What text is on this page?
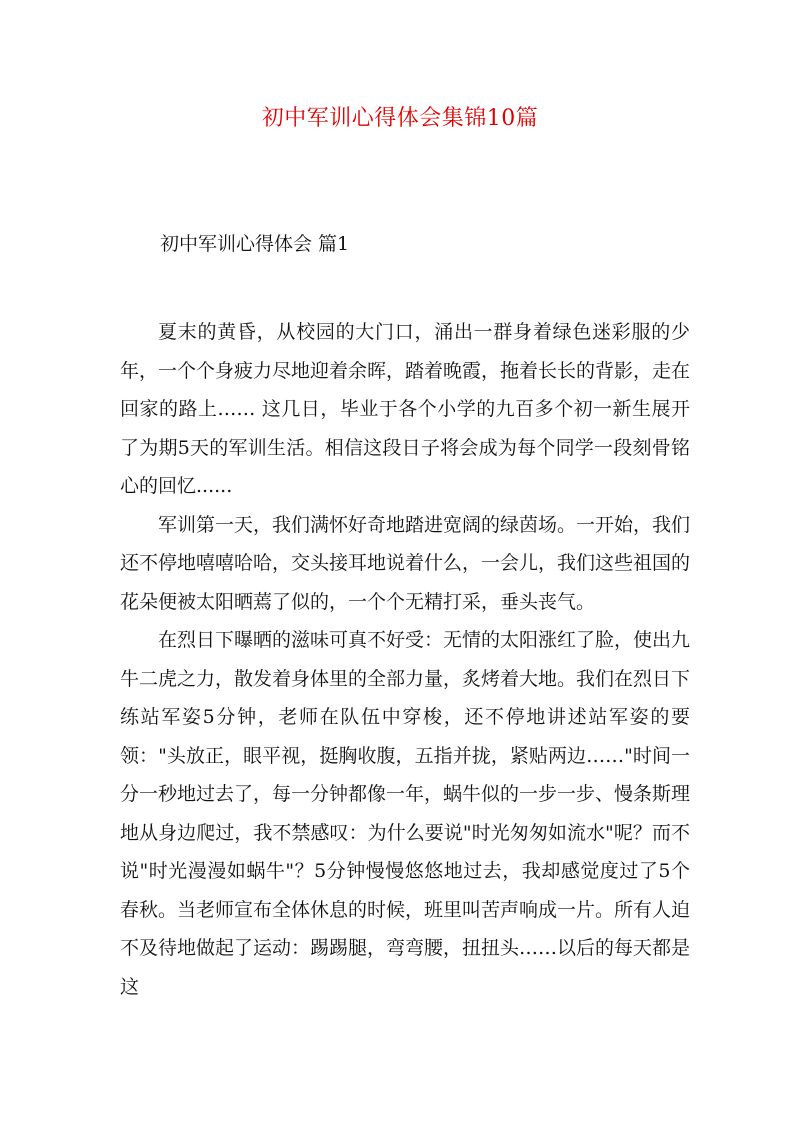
初中军训心得体会集锦10篇
初中军训心得体会 篇1

夏末的黄昏，从校园的大门口，涌出一群身着绿色迷彩服的少年，一个个身疲力尽地迎着余晖，踏着晚霞，拖着长长的背影，走在回家的路上…… 这几日，毕业于各个小学的九百多个初一新生展开了为期5天的军训生活。相信这段日子将会成为每个同学一段刻骨铭心的回忆......

军训第一天，我们满怀好奇地踏进宽阔的绿茵场。一开始，我们还不停地嘻嘻哈哈，交头接耳地说着什么，一会儿，我们这些祖国的花朵便被太阳晒蔫了似的，一个个无精打采，垂头丧气。

在烈日下曝晒的滋味可真不好受：无情的太阳涨红了脸，使出九牛二虎之力，散发着身体里的全部力量，炙烤着大地。我们在烈日下练站军姿5分钟，老师在队伍中穿梭，还不停地讲述站军姿的要领："头放正，眼平视，挺胸收腹，五指并拢，紧贴两边……"时间一分一秒地过去了，每一分钟都像一年，蜗牛似的一步一步、慢条斯理地从身边爬过，我不禁感叹：为什么要说"时光匆匆如流水"呢？而不说"时光漫漫如蜗牛"？5分钟慢慢悠悠地过去，我却感觉度过了5个春秋。当老师宣布全体休息的时候，班里叫苦声响成一片。所有人迫不及待地做起了运动：踢踢腿，弯弯腰，扭扭头……以后的每天都是这
